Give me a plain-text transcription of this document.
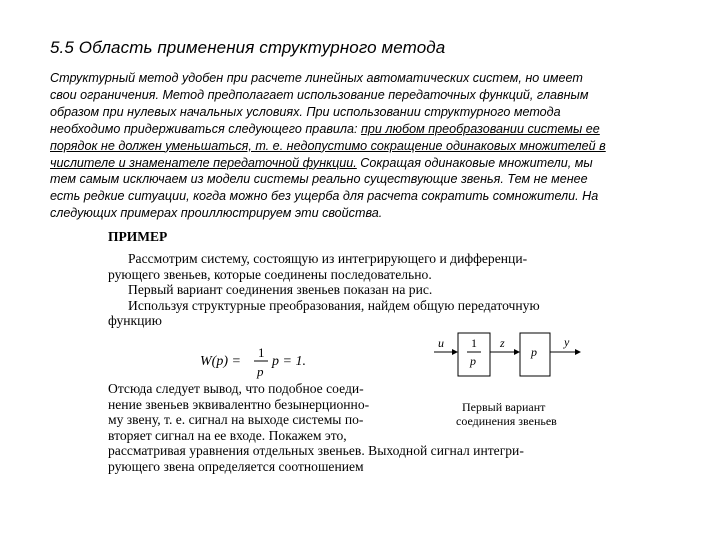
5.5 Область применения структурного метода
Структурный метод удобен при расчете линейных автоматических систем, но имеет
свои ограничения. Метод предполагает использование передаточных функций, главным
образом при нулевых начальных условиях. При использовании структурного метода
необходимо придерживаться следующего правила: при любом преобразовании системы ее
порядок не должен уменьшаться, т. е. недопустимо сокращение одинаковых множителей в
числителе и знаменателе передаточной функции. Сокращая одинаковые множители, мы
тем самым исключаем из модели системы реально существующие звенья. Тем не менее
есть редкие ситуации, когда можно без ущерба для расчета сократить сомножители. На
следующих примерах проиллюстрируем эти свойства.
ПРИМЕР
Рассмотрим систему, состоящую из интегрирующего и дифференци-
рующего звеньев, которые соединены последовательно.
Первый вариант соединения звеньев показан на рис.
Используя структурные преобразования, найдем общую передаточную
функцию
W(p) =
1
p
p = 1.
u 1
p
z
p
y
Первый вариант
соединения звеньев
Отсюда следует вывод, что подобное соеди-
нение звеньев эквивалентно безынерционно-
му звену, т. е. сигнал на выходе системы по-
вторяет сигнал на ее входе. Покажем это,
рассматривая уравнения отдельных звеньев. Выходной сигнал интегри-
рующего звена определяется соотношением
